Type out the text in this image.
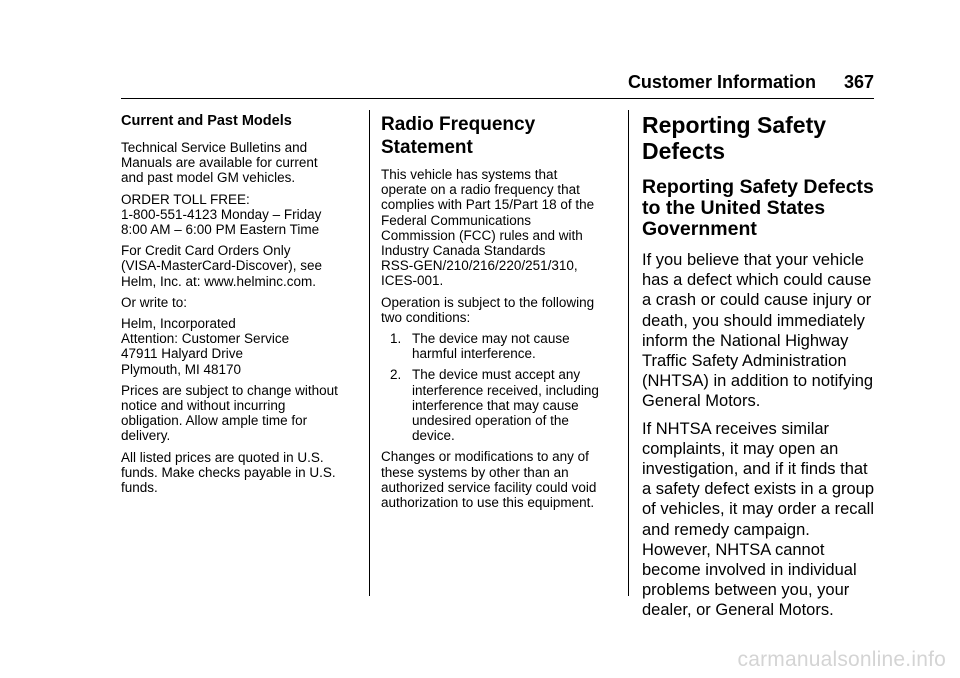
Customer Information 367
Current and Past Models

Technical Service Bulletins and
Manuals are available for current
and past model GM vehicles.

ORDER TOLL FREE:
1-800-551-4123 Monday – Friday
8:00 AM – 6:00 PM Eastern Time

For Credit Card Orders Only
(VISA-MasterCard-Discover), see
Helm, Inc. at: www.helminc.com.

Or write to:

Helm, Incorporated
Attention: Customer Service
47911 Halyard Drive
Plymouth, MI 48170

Prices are subject to change without
notice and without incurring
obligation. Allow ample time for
delivery.

All listed prices are quoted in U.S.
funds. Make checks payable in U.S.
funds.

Radio Frequency
Statement

This vehicle has systems that
operate on a radio frequency that
complies with Part 15/Part 18 of the
Federal Communications
Commission (FCC) rules and with
Industry Canada Standards
RSS-GEN/210/216/220/251/310,
ICES-001.

Operation is subject to the following
two conditions:

1. The device may not cause
harmful interference.
2. The device must accept any
interference received, including
interference that may cause
undesired operation of the
device.

Changes or modifications to any of
these systems by other than an
authorized service facility could void
authorization to use this equipment.

Reporting Safety
Defects
Reporting Safety Defects
to the United States
Government

If you believe that your vehicle
has a defect which could cause
a crash or could cause injury or
death, you should immediately
inform the National Highway
Traffic Safety Administration
(NHTSA) in addition to notifying
General Motors.

If NHTSA receives similar
complaints, it may open an
investigation, and if it finds that
a safety defect exists in a group
of vehicles, it may order a recall
and remedy campaign.
However, NHTSA cannot
become involved in individual
problems between you, your
dealer, or General Motors.

carmanualsonline.info
